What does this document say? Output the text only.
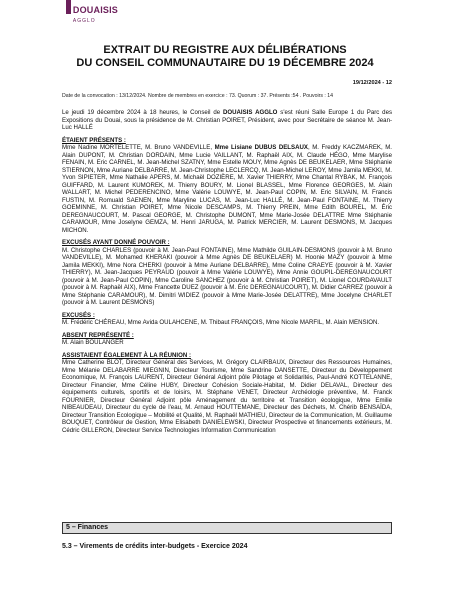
DOUAISIS
AGGLO
EXTRAIT DU REGISTRE AUX DÉLIBÉRATIONS
DU CONSEIL COMMUNAUTAIRE DU 19 DÉCEMBRE 2024
19/12/2024 - 12
Date de la convocation : 13/12/2024. Nombre de membres en exercice : 73. Quorum : 37. Présents :54 . Pouvoirs : 14

Le jeudi 19 décembre 2024 à 18 heures, le Conseil de DOUAISIS AGGLO s'est réuni Salle Europe 1 du Parc des Expositions du Douai, sous la présidence de M. Christian POIRET, Président, avec pour Secrétaire de séance M. Jean-Luc HALLÉ

ÉTAIENT PRÉSENTS :
Mme Nadine MORTELETTE, M. Bruno VANDEVILLE, Mme Lisiane DUBUS DELSAUX, M. Freddy KACZMAREK, M. Alain DUPONT, M. Christian DORDAIN, Mme Lucie VAILLANT, M. Raphaël AIX, M. Claude HÉGO, Mme Marylise FENAIN, M. Eric CARNEL, M. Jean-Michel SZATNY, Mme Estelle MOUY, Mme Agnès DE BEUKELAER, Mme Stéphanie STIERNON, Mme Auriane DELBARRE, M. Jean-Christophe LECLERCQ, M. Jean-Michel LEROY, Mme Jamila MEKKI, M. Yvon SIPIETER, Mme Nathalie APERS, M. Michaël DOZIÈRE, M. Xavier THIERRY, Mme Chantal RYBAK, M. François GUIFFARD, M. Laurent KUMOREK, M. Thierry BOURY, M. Lionel BLASSEL, Mme Florence GEORGES, M. Alain WALLART, M. Michel PEDERENCINO, Mme Valérie LOUWYE, M. Jean-Paul COPIN, M. Eric SILVAIN, M. Francis FUSTIN, M. Romuald SAENEN, Mme Maryline LUCAS, M. Jean-Luc HALLÉ, M. Jean-Paul FONTAINE, M. Thierry GOEMINNE, M. Christian POIRET, Mme Nicole DESCAMPS, M. Thierry PREIN, Mme Edith BOUREL, M. Éric DEREGNAUCOURT, M. Pascal GEORGE, M. Christophe DUMONT, Mme Marie-Josée DELATTRE Mme Stéphanie CARAMOUR, Mme Joselyne GEMZA, M. Henri JARUGA, M. Patrick MERCIER, M. Laurent DESMONS, M. Jacques MICHON.

EXCUSÉS AYANT DONNÉ POUVOIR :
M. Christophe CHARLES (pouvoir à M. Jean-Paul FONTAINE), Mme Mathilde GUILAIN-DESMONS (pouvoir à M. Bruno VANDEVILLE), M. Mohamed KHERAKI (pouvoir à Mme Agnès DE BEUKELAER) M. Hoonie MAZY (pouvoir à Mme Jamila MEKKI), Mme Nora CHERKI (pouvoir à Mme Auriane DELBARRE), Mme Coline CRAEYE (pouvoir à M. Xavier THIERRY), M. Jean-Jacques PEYRAUD (pouvoir à Mme Valérie LOUWYE), Mme Annie GOUPIL-DEREGNAUCOURT (pouvoir à M. Jean-Paul COPIN), Mme Caroline SANCHEZ (pouvoir à M. Christian POIRET), M. Lionel COURDAVAULT (pouvoir à M. Raphaël AIX), Mme Francette DUEZ (pouvoir à M. Éric DEREGNAUCOURT), M. Didier CARREZ (pouvoir à Mme Stéphanie CARAMOUR), M. Dimitri WIDIEZ (pouvoir à Mme Marie-Josée DELATTRE), Mme Jocelyne CHARLET (pouvoir à M. Laurent DESMONS)

EXCUSÉS :
M. Frédéric CHÉREAU, Mme Avida OULAHCENE, M. Thibaut FRANÇOIS, Mme Nicole MARFIL, M. Alain MENSION.

ABSENT REPRÉSENTÉ :
M. Alain BOULANGER

ASSISTAIENT ÉGALEMENT À LA RÉUNION :
Mme Catherine BLOT, Directeur Général des Services, M. Grégory CLAIRBAUX, Directeur des Ressources Humaines, Mme Mélanie DELABARRE MIEGNIN, Directeur Tourisme, Mme Sandrine DANSETTE, Directeur du Développement Economique, M. François LAURENT, Directeur Général Adjoint pôle Pilotage et Solidarités, Paul-André KOTTELANNE, Directeur Financier, Mme Céline HUBY, Directeur Cohésion Sociale-Habitat, M. Didier DELAVAL, Directeur des équipements culturels, sportifs et de loisirs, M. Stéphane VENET, Directeur Archéologie préventive, M. Franck FOURNIER, Directeur Général Adjoint pôle Aménagement du territoire et Transition écologique, Mme Emilie NIBEAUDEAU, Directeur du cycle de l'eau, M. Arnaud HOUTTEMANE, Directeur des Déchets, M. Chérib BENSAÏDA, Directeur Transition Ecologique – Mobilité et Qualité, M. Raphaël MATHIEU, Directeur de la Communication, M. Guillaume BOUQUET, Contrôleur de Gestion, Mme Elisabeth DANIELEWSKI, Directeur Prospective et financements extérieurs, M. Cédric GILLERON, Directeur Service Technologies Information Communication

5 – Finances
5.3 – Virements de crédits inter-budgets - Exercice 2024
